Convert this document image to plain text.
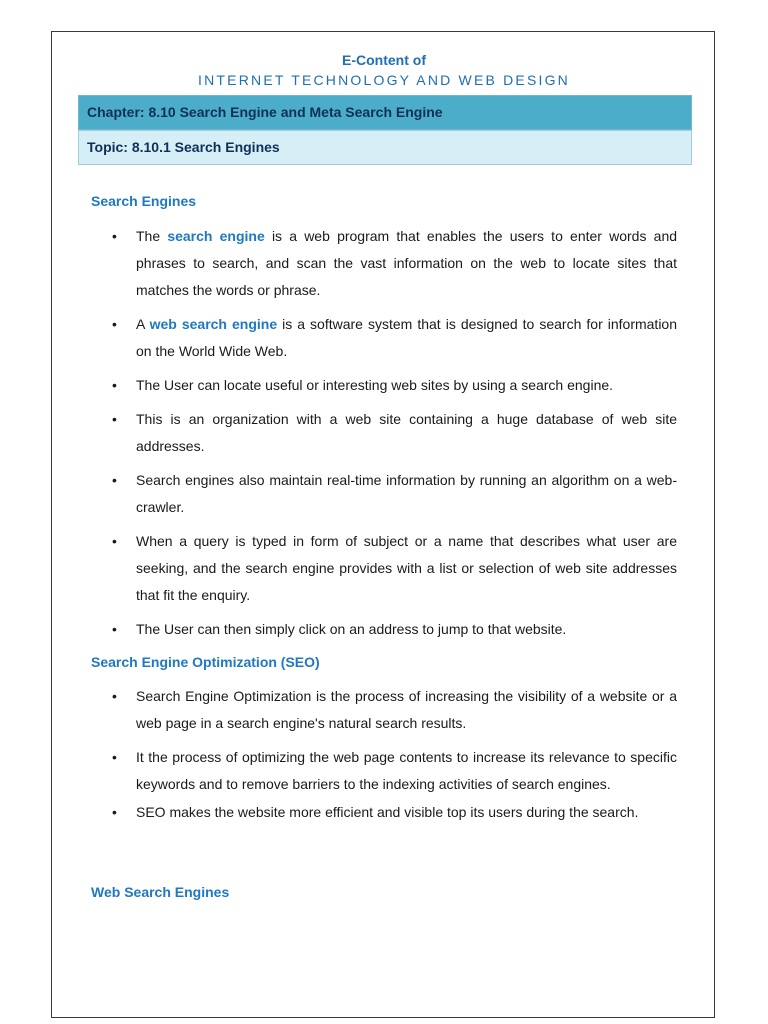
E-Content of
INTERNET TECHNOLOGY AND WEB DESIGN
Chapter: 8.10 Search Engine and Meta Search Engine
Topic: 8.10.1 Search Engines
Search Engines
•	The search engine is a web program that enables the users to enter words and phrases to search, and scan the vast information on the web to locate sites that matches the words or phrase.
•	A web search engine is a software system that is designed to search for information on the World Wide Web.
•	The User can locate useful or interesting web sites by using a search engine.
•	This is an organization with a web site containing a huge database of web site addresses.
•	Search engines also maintain real-time information by running an algorithm on a web-crawler.
•	When a query is typed in form of subject or a name that describes what user are seeking, and the search engine provides with a list or selection of web site addresses that fit the enquiry.
•	The User can then simply click on an address to jump to that website.
Search Engine Optimization (SEO)
•	Search Engine Optimization is the process of increasing the visibility of a website or a web page in a search engine's natural search results.
•	It the process of optimizing the web page contents to increase its relevance to specific keywords and to remove barriers to the indexing activities of search engines.
•	SEO makes the website more efficient and visible top its users during the search.
Web Search Engines
